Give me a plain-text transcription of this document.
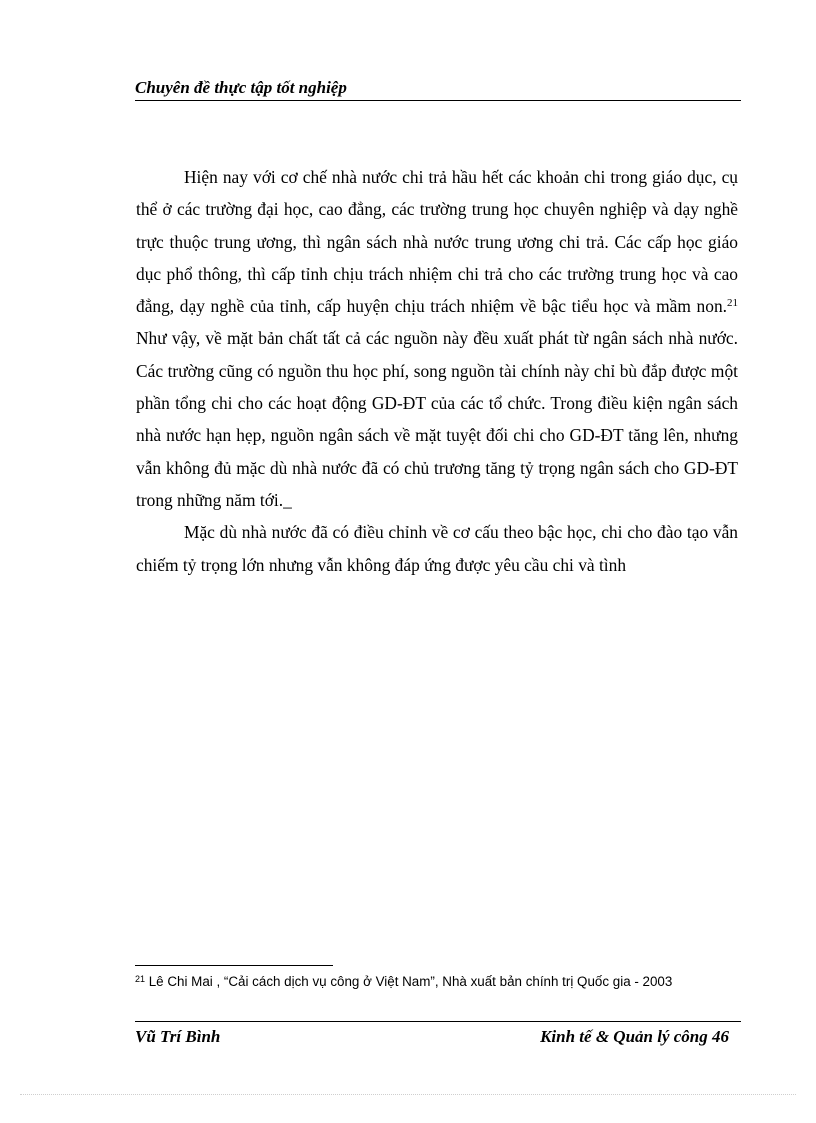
Chuyên đề thực tập tốt nghiệp

Hiện nay với cơ chế nhà nước chi trả hầu hết các khoản chi trong giáo dục, cụ thể ở các trường đại học, cao đẳng, các trường trung học chuyên nghiệp và dạy nghề trực thuộc trung ương, thì ngân sách nhà nước trung ương chi trả. Các cấp học giáo dục phổ thông, thì cấp tỉnh chịu trách nhiệm chi trả cho các trường trung học và cao đẳng, dạy nghề của tỉnh, cấp huyện chịu trách nhiệm về bậc tiểu học và mầm non.$^{21}$ Như vậy, về mặt bản chất tất cả các nguồn này đều xuất phát từ ngân sách nhà nước. Các trường cũng có nguồn thu học phí, song nguồn tài chính này chỉ bù đắp được một phần tổng chi cho các hoạt động GD-ĐT của các tổ chức. Trong điều kiện ngân sách nhà nước hạn hẹp, nguồn ngân sách về mặt tuyệt đối chi cho GD-ĐT tăng lên, nhưng vẫn không đủ mặc dù nhà nước đã có chủ trương tăng tỷ trọng ngân sách cho GD-ĐT trong những năm tới._

Mặc dù nhà nước đã có điều chỉnh về cơ cấu theo bậc học, chi cho đào tạo vẫn chiếm tỷ trọng lớn nhưng vẫn không đáp ứng được yêu cầu chi và tình

$^{21}$ Lê Chi Mai , “Cải cách dịch vụ công ở Việt Nam”, Nhà xuất bản chính trị Quốc gia - 2003
Vũ Trí Bình	Kinh tế & Quản lý công 46
